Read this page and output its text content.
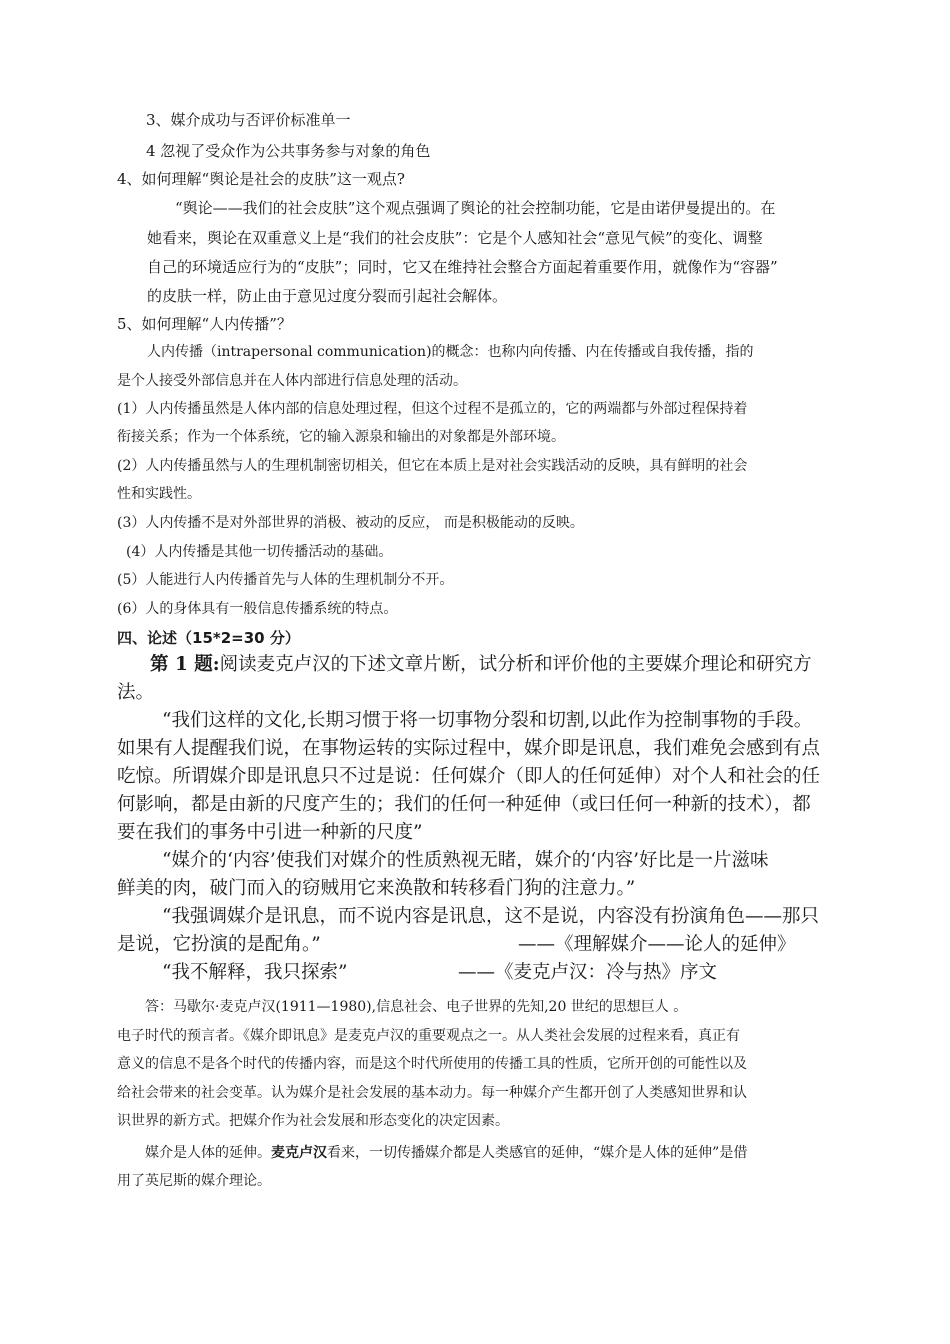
3、媒介成功与否评价标准单一

4 忽视了受众作为公共事务参与对象的角色

4、如何理解“舆论是社会的皮肤”这一观点?

“舆论——我们的社会皮肤”这个观点强调了舆论的社会控制功能，它是由诺伊曼提出的。在

她看来，舆论在双重意义上是“我们的社会皮肤”：它是个人感知社会“意见气候”的变化、调整

自己的环境适应行为的“皮肤”；同时，它又在维持社会整合方面起着重要作用，就像作为“容器”

的皮肤一样，防止由于意见过度分裂而引起社会解体。

5、如何理解“人内传播”？

人内传播（intrapersonal communication)的概念：也称内向传播、内在传播或自我传播，指的

是个人接受外部信息并在人体内部进行信息处理的活动。

(1）人内传播虽然是人体内部的信息处理过程，但这个过程不是孤立的，它的两端都与外部过程保持着

衔接关系；作为一个体系统，它的输入源泉和输出的对象都是外部环境。

(2）人内传播虽然与人的生理机制密切相关，但它在本质上是对社会实践活动的反映，具有鲜明的社会

性和实践性。

(3）人内传播不是对外部世界的消极、被动的反应， 而是积极能动的反映。

(4）人内传播是其他一切传播活动的基础。

(5）人能进行人内传播首先与人体的生理机制分不开。

(6）人的身体具有一般信息传播系统的特点。

四、论述（15*2=30 分）

第 1 题:阅读麦克卢汉的下述文章片断，试分析和评价他的主要媒介理论和研究方

法。

“我们这样的文化,长期习惯于将一切事物分裂和切割,以此作为控制事物的手段。

如果有人提醒我们说，在事物运转的实际过程中，媒介即是讯息，我们难免会感到有点

吃惊。所谓媒介即是讯息只不过是说：任何媒介（即人的任何延伸）对个人和社会的任

何影响，都是由新的尺度产生的；我们的任何一种延伸（或曰任何一种新的技术），都

要在我们的事务中引进一种新的尺度”

“媒介的‘内容’使我们对媒介的性质熟视无睹，媒介的‘内容’好比是一片滋味

鲜美的肉，破门而入的窃贼用它来涣散和转移看门狗的注意力。”

“我强调媒介是讯息，而不说内容是讯息，这不是说，内容没有扮演角色——那只

是说，它扮演的是配角。”	——《理解媒介——论人的延伸》

“我不解释，我只探索”	——《麦克卢汉：冷与热》序文

答：马歇尔·麦克卢汉(1911—1980),信息社会、电子世界的先知,20 世纪的思想巨人 。

电子时代的预言者。《媒介即讯息》是麦克卢汉的重要观点之一。从人类社会发展的过程来看，真正有

意义的信息不是各个时代的传播内容，而是这个时代所使用的传播工具的性质，它所开创的可能性以及

给社会带来的社会变革。认为媒介是社会发展的基本动力。每一种媒介产生都开创了人类感知世界和认

识世界的新方式。把媒介作为社会发展和形态变化的决定因素。

媒介是人体的延伸。麦克卢汉看来，一切传播媒介都是人类感官的延伸，“媒介是人体的延伸”是借

用了英尼斯的媒介理论。
